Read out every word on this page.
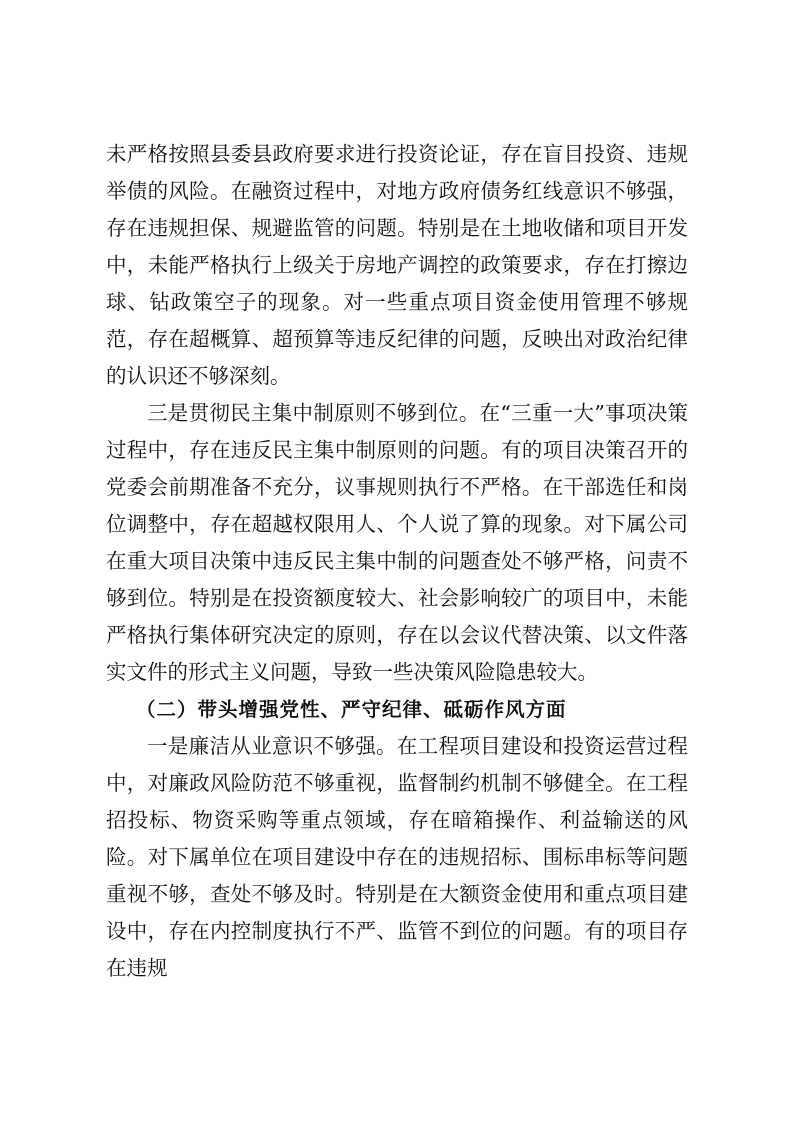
未严格按照县委县政府要求进行投资论证，存在盲目投资、违规举债的风险。在融资过程中，对地方政府债务红线意识不够强，存在违规担保、规避监管的问题。特别是在土地收储和项目开发中，未能严格执行上级关于房地产调控的政策要求，存在打擦边球、钻政策空子的现象。对一些重点项目资金使用管理不够规范，存在超概算、超预算等违反纪律的问题，反映出对政治纪律的认识还不够深刻。

三是贯彻民主集中制原则不够到位。在“三重一大”事项决策过程中，存在违反民主集中制原则的问题。有的项目决策召开的党委会前期准备不充分，议事规则执行不严格。在干部选任和岗位调整中，存在超越权限用人、个人说了算的现象。对下属公司在重大项目决策中违反民主集中制的问题查处不够严格，问责不够到位。特别是在投资额度较大、社会影响较广的项目中，未能严格执行集体研究决定的原则，存在以会议代替决策、以文件落实文件的形式主义问题，导致一些决策风险隐患较大。

（二）带头增强党性、严守纪律、砥砺作风方面

一是廉洁从业意识不够强。在工程项目建设和投资运营过程中，对廉政风险防范不够重视，监督制约机制不够健全。在工程招投标、物资采购等重点领域，存在暗箱操作、利益输送的风险。对下属单位在项目建设中存在的违规招标、围标串标等问题重视不够，查处不够及时。特别是在大额资金使用和重点项目建设中，存在内控制度执行不严、监管不到位的问题。有的项目存在违规
